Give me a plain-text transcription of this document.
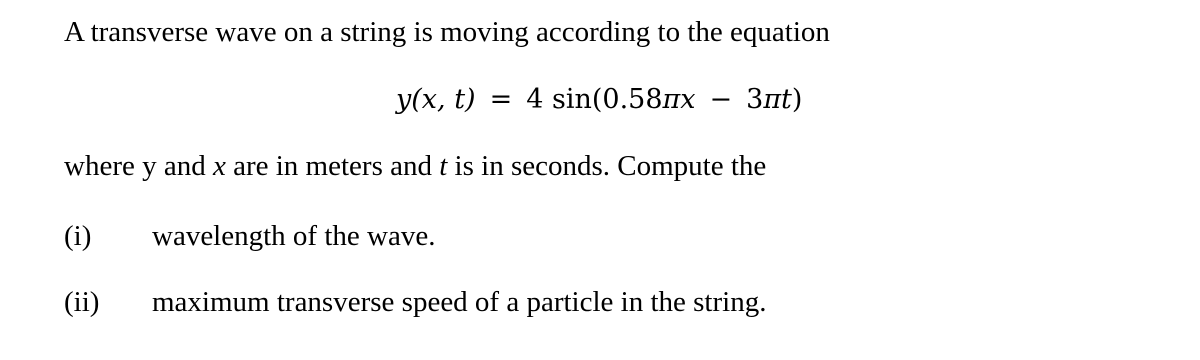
A transverse wave on a string is moving according to the equation
y(x, t) = 4 sin(0.58πx − 3πt)
where y and x are in meters and t is in seconds. Compute the
(i) wavelength of the wave.
(ii) maximum transverse speed of a particle in the string.
